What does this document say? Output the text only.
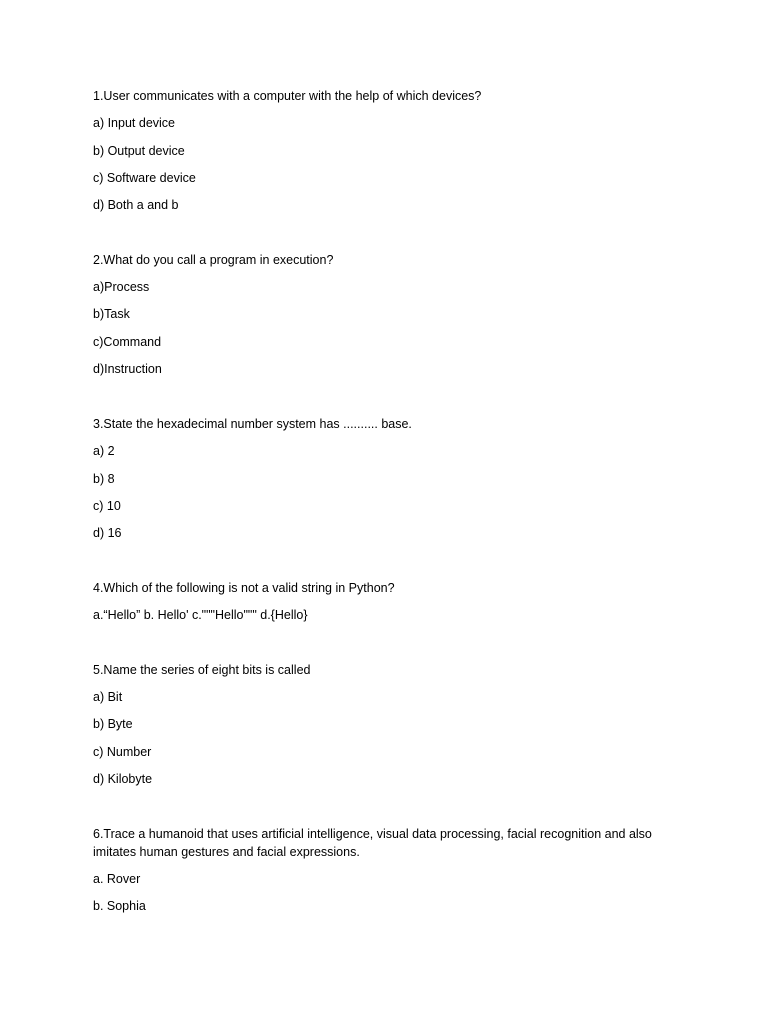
1.User communicates with a computer with the help of which devices?
a) Input device
b) Output device
c) Software device
d) Both a and b
2.What do you call a program in execution?
a)Process
b)Task
c)Command
d)Instruction
3.State the hexadecimal number system has .......... base.
a) 2
b) 8
c) 10
d) 16
4.Which of the following is not a valid string in Python?
a.“Hello” b. Hello' c."""Hello""" d.{Hello}
5.Name the series of eight bits is called
a) Bit
b) Byte
c) Number
d) Kilobyte
6.Trace a humanoid that uses artificial intelligence, visual data processing, facial recognition and also imitates human gestures and facial expressions.
a. Rover
b. Sophia
